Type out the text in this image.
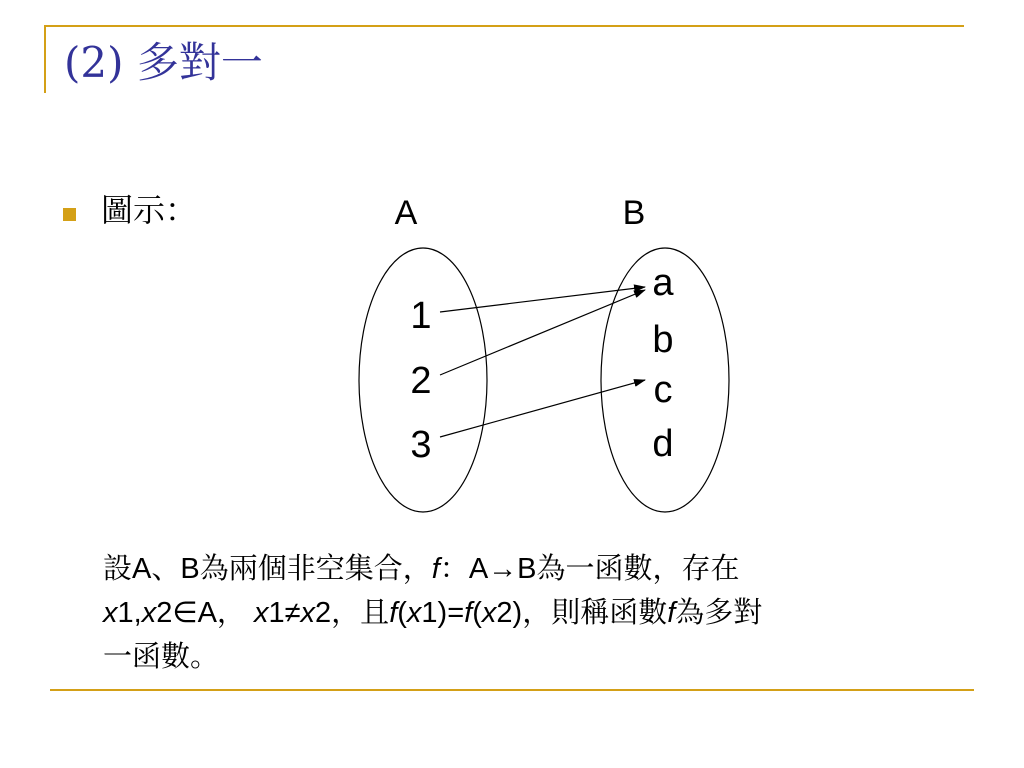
(2) 多對一
圖示：	A	B
1
2
3
a
b
c
d
設A、B為兩個非空集合，f：A→B為一函數，存在
x1,x2∈A， x1≠x2，且f(x1)=f(x2)，則稱函數f為多對
一函數。
